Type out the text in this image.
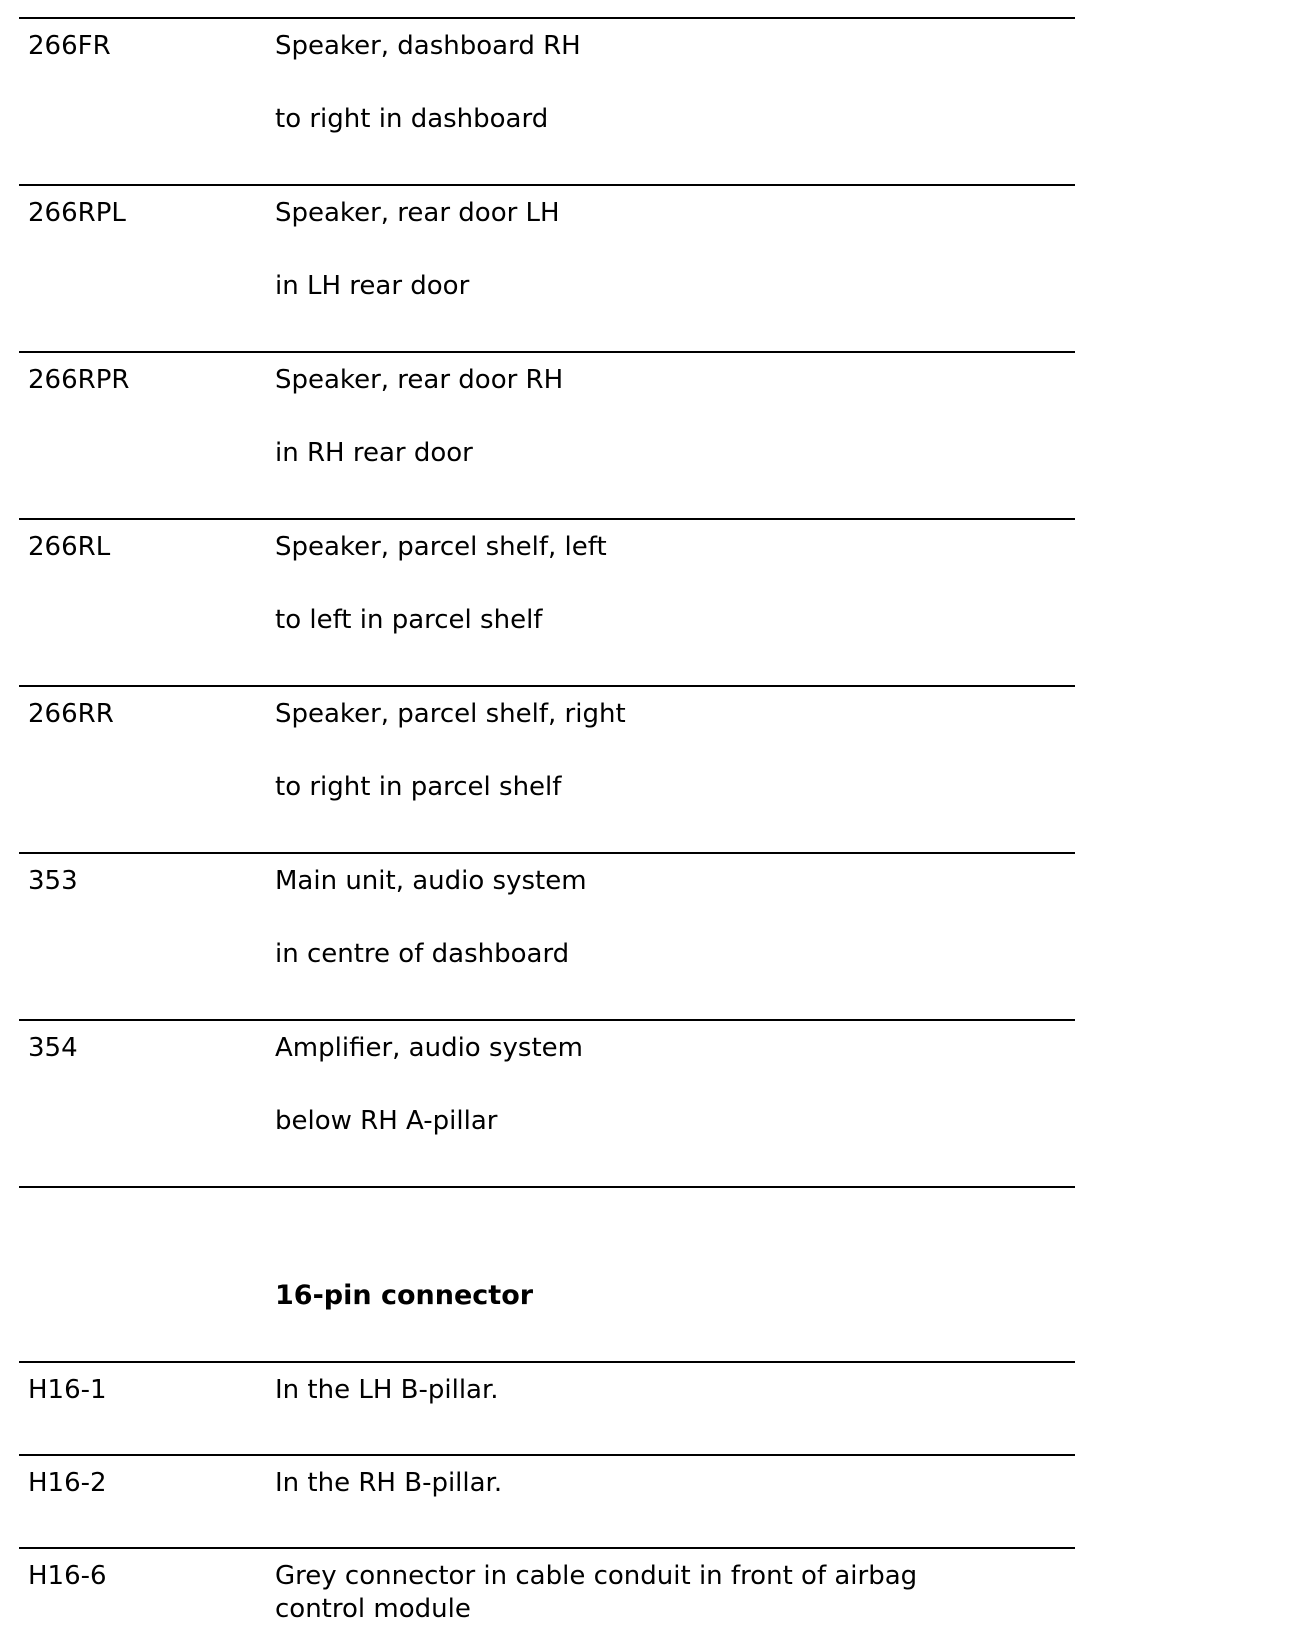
266FR	Speaker, dashboard RH
to right in dashboard
266RPL	Speaker, rear door LH
in LH rear door
266RPR	Speaker, rear door RH
in RH rear door
266RL	Speaker, parcel shelf, left
to left in parcel shelf
266RR	Speaker, parcel shelf, right
to right in parcel shelf
353	Main unit, audio system
in centre of dashboard
354	Amplifier, audio system
below RH A-pillar
16-pin connector
H16-1	In the LH B-pillar.
H16-2	In the RH B-pillar.
H16-6	Grey connector in cable conduit in front of airbag control module
